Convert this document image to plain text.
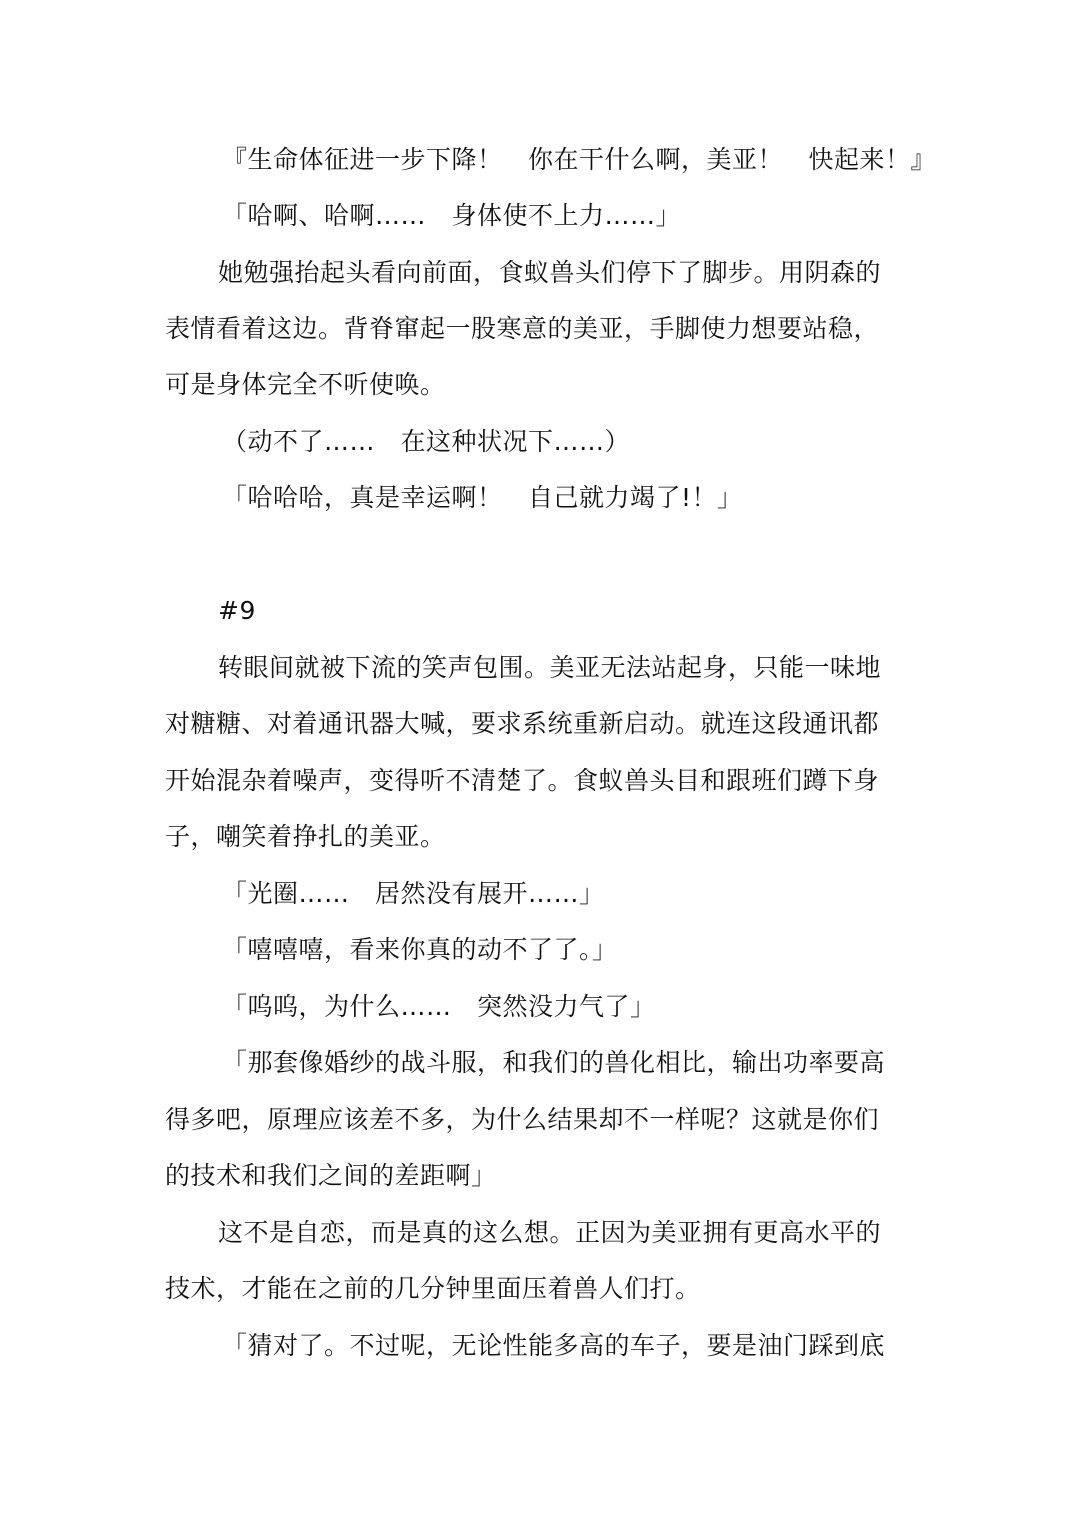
『生命体征进一步下降！　你在干什么啊，美亚！　快起来！』
「哈啊、哈啊……　身体使不上力……」
她勉强抬起头看向前面，食蚁兽头们停下了脚步。用阴森的
表情看着这边。背脊窜起一股寒意的美亚，手脚使力想要站稳，
可是身体完全不听使唤。
（动不了……　在这种状况下……）
「哈哈哈，真是幸运啊！　自己就力竭了!！」
#9
转眼间就被下流的笑声包围。美亚无法站起身，只能一味地
对糖糖、对着通讯器大喊，要求系统重新启动。就连这段通讯都
开始混杂着噪声，变得听不清楚了。食蚁兽头目和跟班们蹲下身
子，嘲笑着挣扎的美亚。
「光圈……　居然没有展开……」
「嘻嘻嘻，看来你真的动不了了。」
「呜呜，为什么……　突然没力气了」
「那套像婚纱的战斗服，和我们的兽化相比，输出功率要高
得多吧，原理应该差不多，为什么结果却不一样呢？这就是你们
的技术和我们之间的差距啊」
这不是自恋，而是真的这么想。正因为美亚拥有更高水平的
技术，才能在之前的几分钟里面压着兽人们打。
「猜对了。不过呢，无论性能多高的车子，要是油门踩到底
